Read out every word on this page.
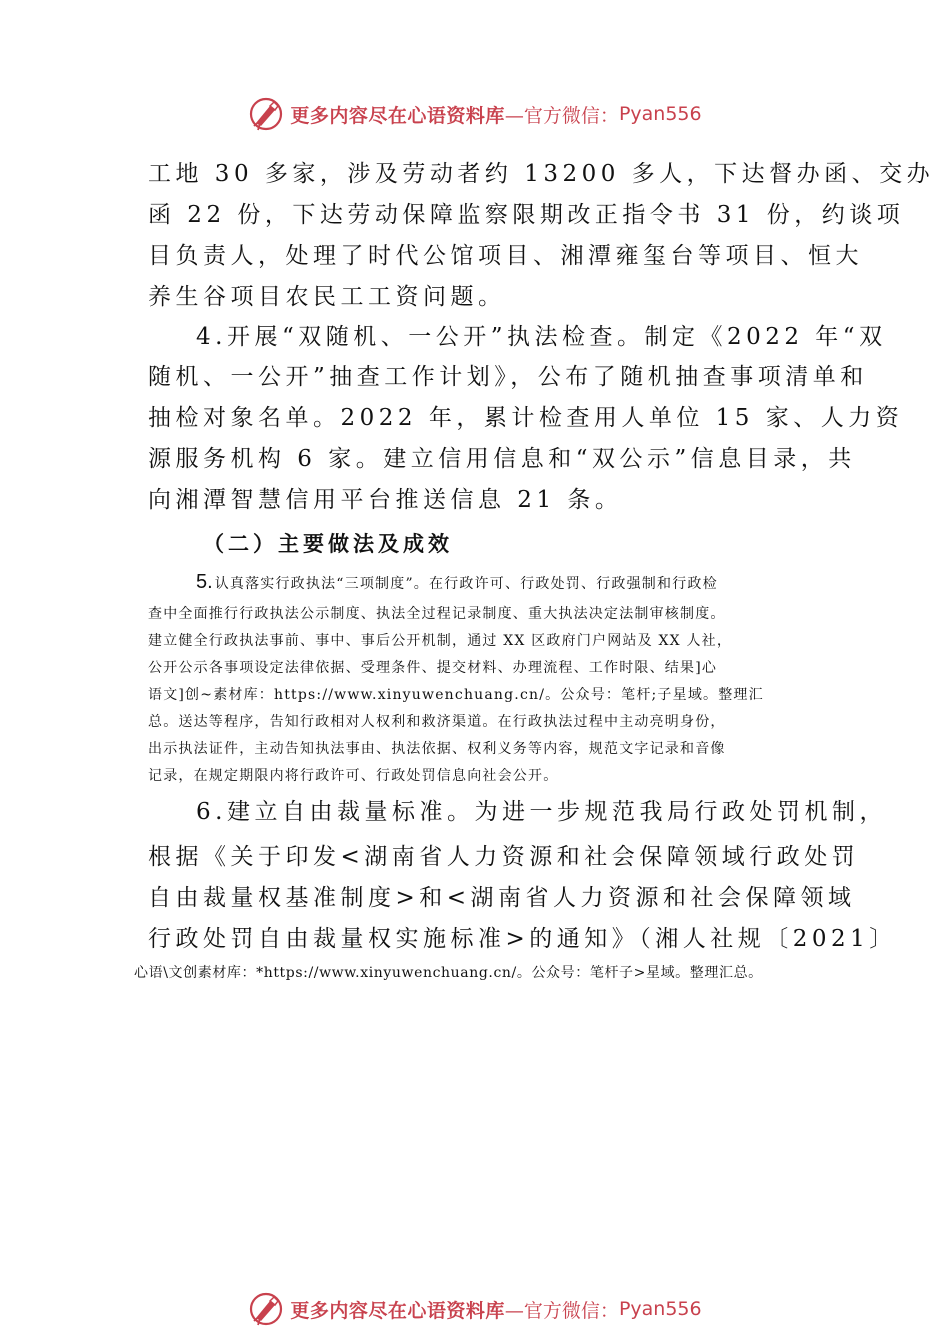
更多内容尽在心语资料库 —官方微信： Pyan556

工地 30 多家，涉及劳动者约 13200 多人，下达督办函、交办

函 22 份，下达劳动保障监察限期改正指令书 31 份，约谈项

目负责人，处理了时代公馆项目、湘潭雍玺台等项目、恒大

养生谷项目农民工工资问题。

4.开展“双随机、一公开”执法检查。制定《2022 年“双

随机、一公开”抽查工作计划》，公布了随机抽查事项清单和

抽检对象名单。2022 年，累计检查用人单位 15 家、人力资

源服务机构 6 家。建立信用信息和“双公示”信息目录，共

向湘潭智慧信用平台推送信息 21 条。

（二）主要做法及成效

5. 认真落实行政执法“三项制度”。在行政许可、行政处罚、行政强制和行政检

查中全面推行行政执法公示制度、执法全过程记录制度、重大执法决定法制审核制度。

建立健全行政执法事前、事中、事后公开机制，通过 XX 区政府门户网站及 XX 人社，

公开公示各事项设定法律依据、受理条件、提交材料、办理流程、工作时限、结果]心

语文]创~素材库：https://www.xinyuwenchuang.cn/。公众号：笔杆;子星域。整理汇

总。送达等程序，告知行政相对人权利和救济渠道。在行政执法过程中主动亮明身份，

出示执法证件，主动告知执法事由、执法依据、权利义务等内容，规范文字记录和音像

记录，在规定期限内将行政许可、行政处罚信息向社会公开。

6.建立自由裁量标准。为进一步规范我局行政处罚机制，

根据《关于印发<湖南省人力资源和社会保障领域行政处罚

自由裁量权基准制度>和<湖南省人力资源和社会保障领域

行政处罚自由裁量权实施标准>的通知》（湘人社规〔2021〕

心语\文创素材库：*https://www.xinyuwenchuang.cn/。公众号：笔杆子>星域。整理汇总。

更多内容尽在心语资料库 —官方微信： Pyan556
